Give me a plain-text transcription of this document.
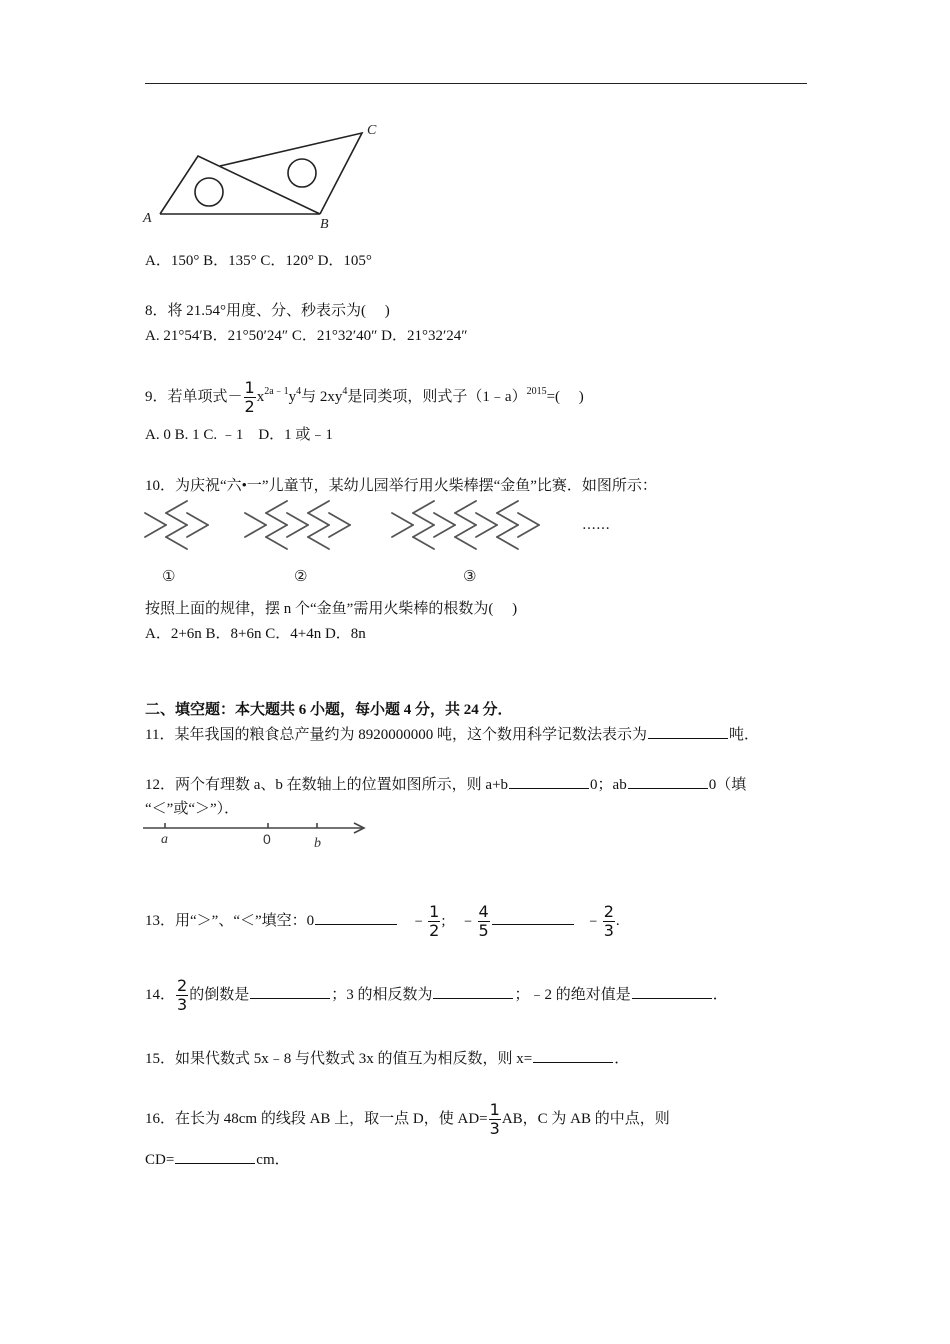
A	B
C
A．150° B．135° C．120° D．105°
8．将 21.54°用度、分、秒表示为(　 )
A. 21°54′B．21°50′24″ C．21°32′40″ D．21°32′24″
9．若单项式－ $\frac{1}{2} x^{2a﹣1}y^4$与 $2xy^4$是同类项，则式子（1﹣a）$^{2015}$=(　 )
A. 0 B. 1 C. ﹣1　D．1 或﹣1
10．为庆祝“六•一”儿童节，某幼儿园举行用火柴棒摆“金鱼”比赛．如图所示：
……
①	②	③
按照上面的规律，摆 n 个“金鱼”需用火柴棒的根数为(　 )
A．2+6n B．8+6n C．4+4n D．8n
二、填空题：本大题共 6 小题，每小题 4 分，共 24 分．
11．某年我国的粮食总产量约为 8920000000 吨，这个数用科学记数法表示为	吨．
12．两个有理数 a、b 在数轴上的位置如图所示，则 a+b	0；ab	0（填
“＜”或“＞”）．
a	0	b
13．用“＞”、“＜”填空：0	﹣ $\frac{1}{2}$ ; ﹣ $\frac{4}{5}$	﹣ $\frac{2}{3}$ .
14． $\frac{2}{3}$ 的倒数是	；3 的相反数为	；﹣2 的绝对值是	．
15．如果代数式 5x﹣8 与代数式 3x 的值互为相反数，则 x=	．
16．在长为 48cm 的线段 AB 上，取一点 D，使 $AD= \frac{1}{3}$ AB，C 为 AB 的中点，则
CD=	cm．
